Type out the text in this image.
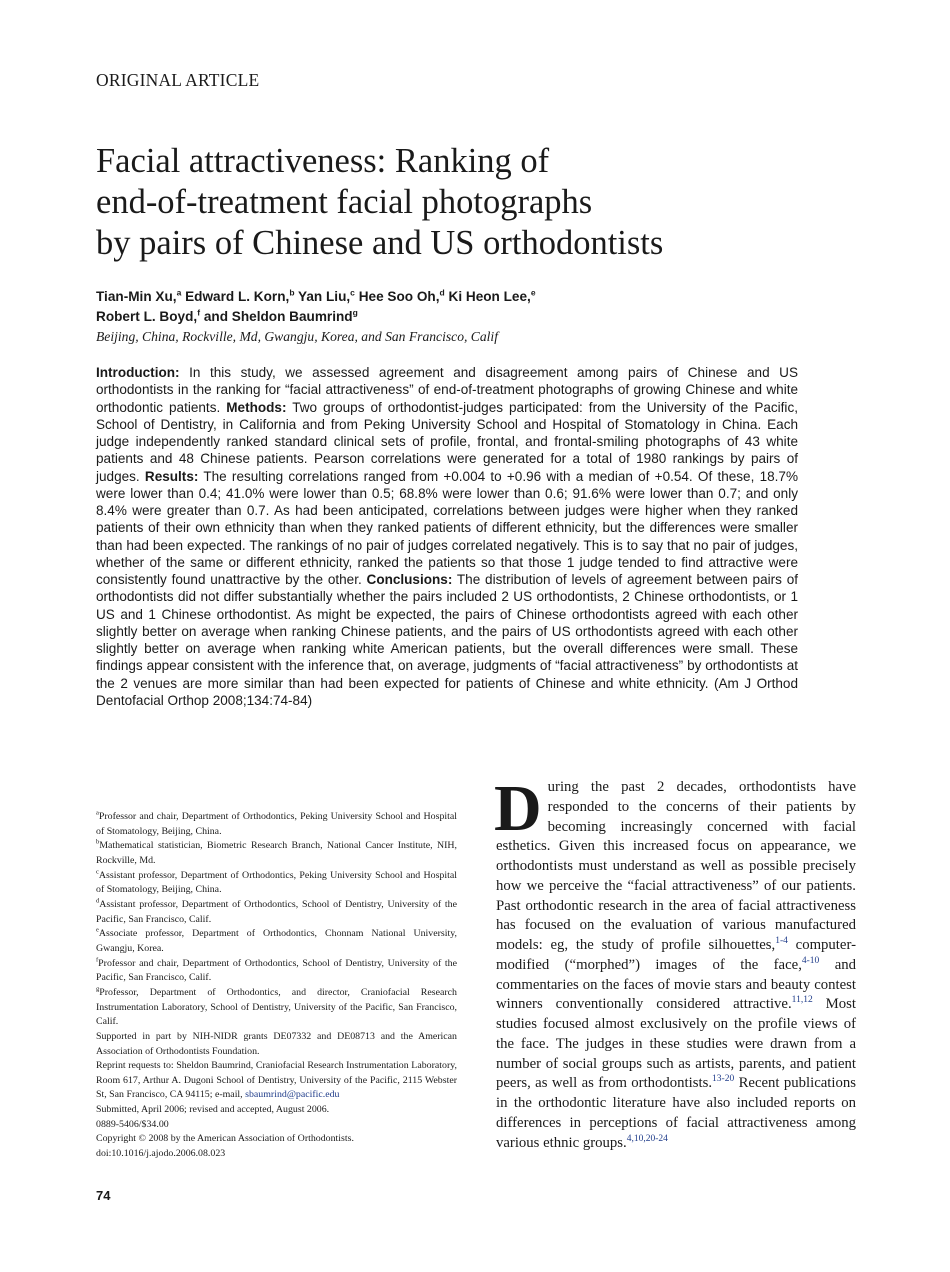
ORIGINAL ARTICLE
Facial attractiveness: Ranking of
end-of-treatment facial photographs
by pairs of Chinese and US orthodontists
Tian-Min Xu,$^a$ Edward L. Korn,$^b$ Yan Liu,$^c$ Hee Soo Oh,$^d$ Ki Heon Lee,$^e$
Robert L. Boyd,$^f$ and Sheldon Baumrind$^g$
Beijing, China, Rockville, Md, Gwangju, Korea, and San Francisco, Calif

Introduction: In this study, we assessed agreement and disagreement among pairs of Chinese and US orthodontists in the ranking for “facial attractiveness” of end-of-treatment photographs of growing Chinese and white orthodontic patients. Methods: Two groups of orthodontist-judges participated: from the University of the Pacific, School of Dentistry, in California and from Peking University School and Hospital of Stomatology in China. Each judge independently ranked standard clinical sets of profile, frontal, and frontal-smiling photographs of 43 white patients and 48 Chinese patients. Pearson correlations were generated for a total of 1980 rankings by pairs of judges. Results: The resulting correlations ranged from +0.004 to +0.96 with a median of +0.54. Of these, 18.7% were lower than 0.4; 41.0% were lower than 0.5; 68.8% were lower than 0.6; 91.6% were lower than 0.7; and only 8.4% were greater than 0.7. As had been anticipated, correlations between judges were higher when they ranked patients of their own ethnicity than when they ranked patients of different ethnicity, but the differences were smaller than had been expected. The rankings of no pair of judges correlated negatively. This is to say that no pair of judges, whether of the same or different ethnicity, ranked the patients so that those 1 judge tended to find attractive were consistently found unattractive by the other. Conclusions: The distribution of levels of agreement between pairs of orthodontists did not differ substantially whether the pairs included 2 US orthodontists, 2 Chinese orthodontists, or 1 US and 1 Chinese orthodontist. As might be expected, the pairs of Chinese orthodontists agreed with each other slightly better on average when ranking Chinese patients, and the pairs of US orthodontists agreed with each other slightly better on average when ranking white American patients, but the overall differences were small. These findings appear consistent with the inference that, on average, judgments of “facial attractiveness” by orthodontists at the 2 venues are more similar than had been expected for patients of Chinese and white ethnicity. (Am J Orthod Dentofacial Orthop 2008;134:74-84)

$^a$Professor and chair, Department of Orthodontics, Peking University School and Hospital of Stomatology, Beijing, China.

$^b$Mathematical statistician, Biometric Research Branch, National Cancer Institute, NIH, Rockville, Md.

$^c$Assistant professor, Department of Orthodontics, Peking University School and Hospital of Stomatology, Beijing, China.

$^d$Assistant professor, Department of Orthodontics, School of Dentistry, University of the Pacific, San Francisco, Calif.

$^e$Associate professor, Department of Orthodontics, Chonnam National University, Gwangju, Korea.

$^f$Professor and chair, Department of Orthodontics, School of Dentistry, University of the Pacific, San Francisco, Calif.

$^g$Professor, Department of Orthodontics, and director, Craniofacial Research Instrumentation Laboratory, School of Dentistry, University of the Pacific, San Francisco, Calif.

Supported in part by NIH-NIDR grants DE07332 and DE08713 and the American Association of Orthodontists Foundation.

Reprint requests to: Sheldon Baumrind, Craniofacial Research Instrumentation Laboratory, Room 617, Arthur A. Dugoni School of Dentistry, University of the Pacific, 2115 Webster St, San Francisco, CA 94115; e-mail, sbaumrind@pacific.edu

Submitted, April 2006; revised and accepted, August 2006.

0889-5406/$34.00

Copyright © 2008 by the American Association of Orthodontists.

doi:10.1016/j.ajodo.2006.08.023

74

During the past 2 decades, orthodontists have responded to the concerns of their patients by becoming increasingly concerned with facial esthetics. Given this increased focus on appearance, we orthodontists must understand as well as possible precisely how we perceive the “facial attractiveness” of our patients. Past orthodontic research in the area of facial attractiveness has focused on the evaluation of various manufactured models: eg, the study of profile silhouettes,$^{1-4}$ computer-modified (“morphed”) images of the face,$^{4-10}$ and commentaries on the faces of movie stars and beauty contest winners conventionally considered attractive.$^{11,12}$ Most studies focused almost exclusively on the profile views of the face. The judges in these studies were drawn from a number of social groups such as artists, parents, and patient peers, as well as from orthodontists.$^{13-20}$ Recent publications in the orthodontic literature have also included reports on differences in perceptions of facial attractiveness among various ethnic groups.$^{4,10,20-24}$
